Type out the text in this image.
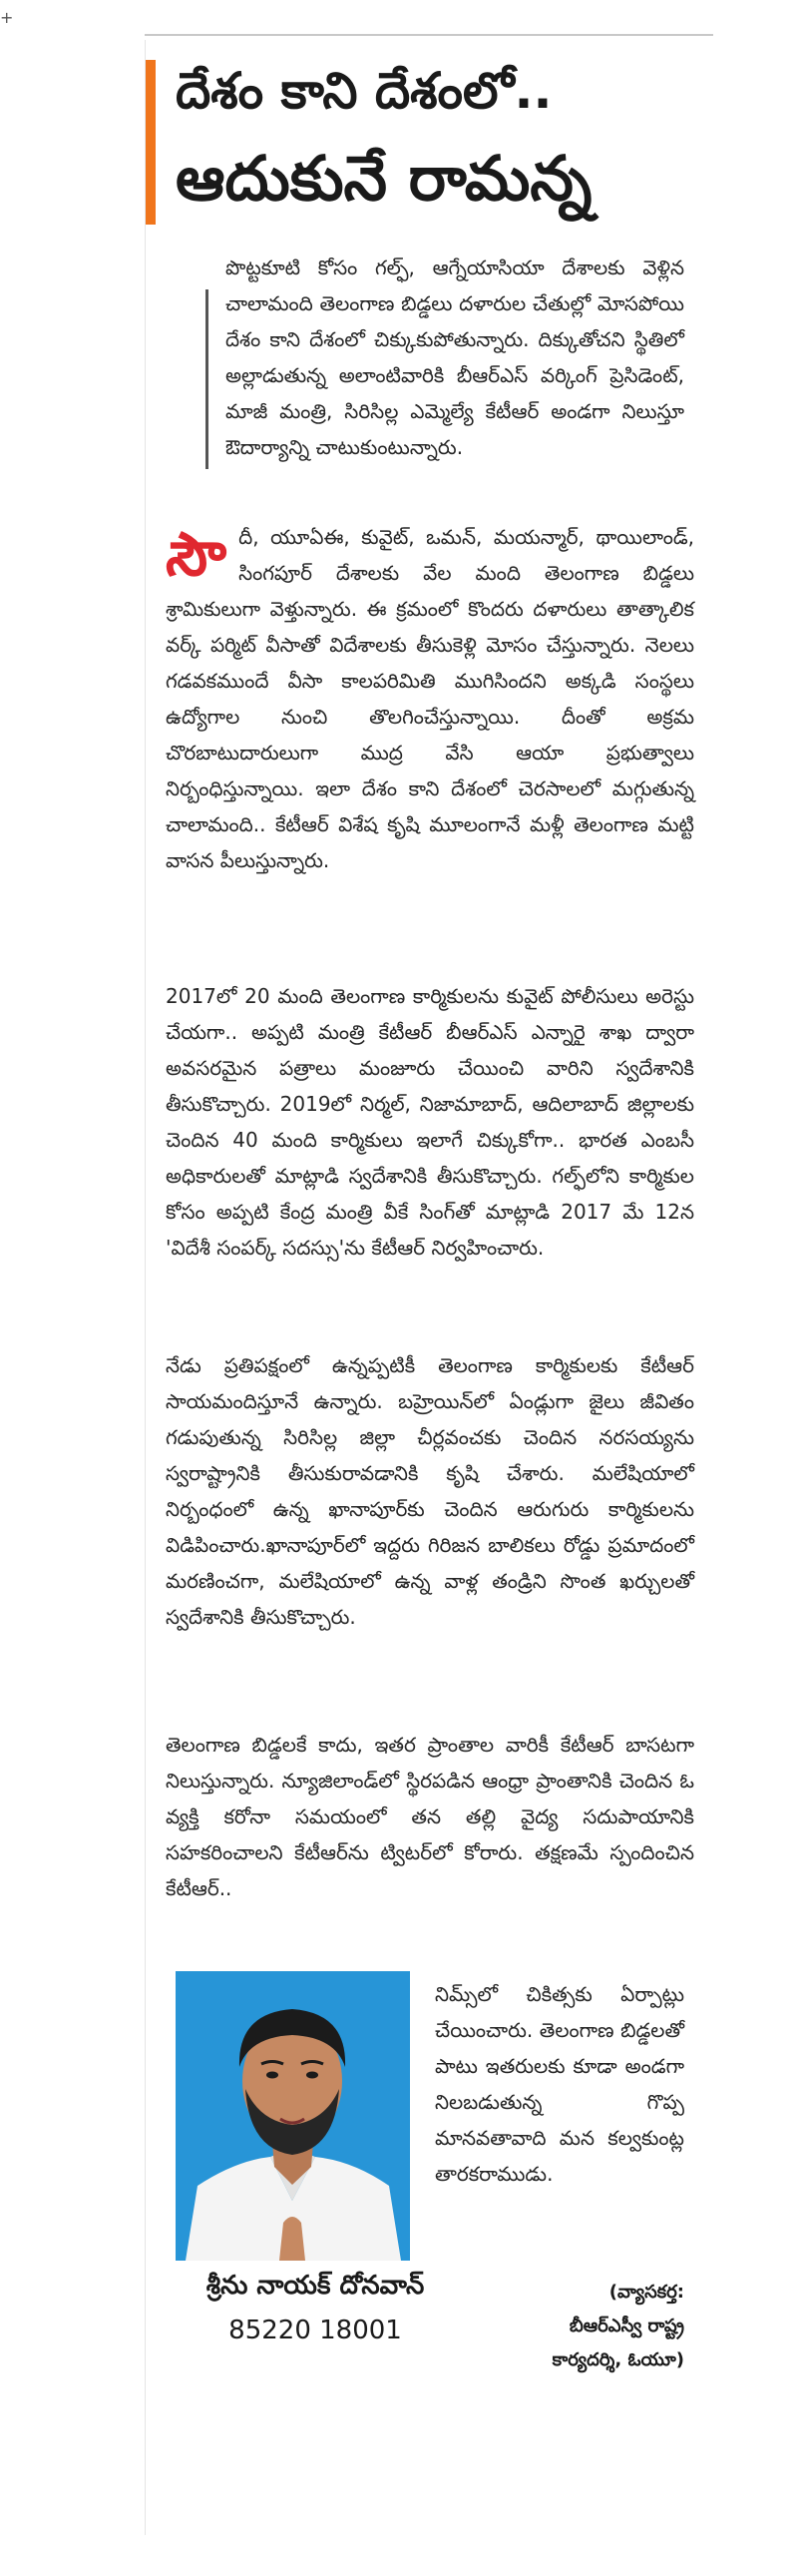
+
దేశం కాని దేశంలో..
ఆదుకునే రామన్న

పొట్టకూటి కోసం గల్ఫ్, ఆగ్నేయాసియా దేశాలకు వెళ్లిన చాలామంది తెలంగాణ బిడ్డలు దళారుల చేతుల్లో మోసపోయి దేశం కాని దేశంలో చిక్కుకుపోతున్నారు. దిక్కుతోచని స్థితిలో అల్లాడుతున్న అలాంటివారికి బీఆర్ఎస్ వర్కింగ్ ప్రెసిడెంట్, మాజీ మంత్రి, సిరిసిల్ల ఎమ్మెల్యే కేటీఆర్ అండగా నిలుస్తూ ఔదార్యాన్ని చాటుకుంటున్నారు.

సౌ దీ, యూఏఈ, కువైట్, ఒమన్, మయన్మార్, థాయిలాండ్, సింగపూర్ దేశాలకు వేల మంది తెలంగాణ బిడ్డలు శ్రామికులుగా వెళ్తున్నారు. ఈ క్రమంలో కొందరు దళారులు తాత్కాలిక వర్క్ పర్మిట్ వీసాతో విదేశాలకు తీసుకెళ్లి మోసం చేస్తున్నారు. నెలలు గడవకముందే వీసా కాలపరిమితి ముగిసిందని అక్కడి సంస్థలు ఉద్యోగాల నుంచి తొలగించేస్తున్నాయి. దీంతో అక్రమ చొరబాటుదారులుగా ముద్ర వేసి ఆయా ప్రభుత్వాలు నిర్బంధిస్తున్నాయి. ఇలా దేశం కాని దేశంలో చెరసాలలో మగ్గుతున్న చాలామంది.. కేటీఆర్ విశేష కృషి మూలంగానే మళ్లీ తెలంగాణ మట్టి వాసన పీలుస్తున్నారు.

2017లో 20 మంది తెలంగాణ కార్మికులను కువైట్ పోలీసులు అరెస్టు చేయగా.. అప్పటి మంత్రి కేటీఆర్ బీఆర్ఎస్ ఎన్నారై శాఖ ద్వారా అవసరమైన పత్రాలు మంజూరు చేయించి వారిని స్వదేశానికి తీసుకొచ్చారు. 2019లో నిర్మల్, నిజామాబాద్, ఆదిలాబాద్ జిల్లాలకు చెందిన 40 మంది కార్మికులు ఇలాగే చిక్కుకోగా.. భారత ఎంబసీ అధికారులతో మాట్లాడి స్వదేశానికి తీసుకొచ్చారు. గల్ఫ్‌లోని కార్మికుల కోసం అప్పటి కేంద్ర మంత్రి వీకే సింగ్‌తో మాట్లాడి 2017 మే 12న 'విదేశీ సంపర్క్ సదస్సు'ను కేటీఆర్ నిర్వహించారు.

నేడు ప్రతిపక్షంలో ఉన్నప్పటికీ తెలంగాణ కార్మికులకు కేటీఆర్ సాయమందిస్తూనే ఉన్నారు. బహ్రెయిన్‌లో ఏండ్లుగా జైలు జీవితం గడుపుతున్న సిరిసిల్ల జిల్లా చీర్లవంచకు చెందిన నరసయ్యను స్వరాష్ట్రానికి తీసుకురావడానికి కృషి చేశారు. మలేషియాలో నిర్బంధంలో ఉన్న ఖానాపూర్‌కు చెందిన ఆరుగురు కార్మికులను విడిపించారు.ఖానాపూర్‌లో ఇద్దరు గిరిజన బాలికలు రోడ్డు ప్రమాదంలో మరణించగా, మలేషియాలో ఉన్న వాళ్ల తండ్రిని సొంత ఖర్చులతో స్వదేశానికి తీసుకొచ్చారు.

తెలంగాణ బిడ్డలకే కాదు, ఇతర ప్రాంతాల వారికీ కేటీఆర్ బాసటగా నిలుస్తున్నారు. న్యూజిలాండ్‌లో స్థిరపడిన ఆంధ్రా ప్రాంతానికి చెందిన ఓ వ్యక్తి కరోనా సమయంలో తన తల్లి వైద్య సదుపాయానికి సహకరించాలని కేటీఆర్‌ను ట్విటర్‌లో కోరారు. తక్షణమే స్పందించిన కేటీఆర్..

నిమ్స్‌లో చికిత్సకు ఏర్పాట్లు చేయించారు. తెలంగాణ బిడ్డలతో పాటు ఇతరులకు కూడా అండగా నిలబడుతున్న గొప్ప మానవతావాది మన కల్వకుంట్ల తారకరాముడు.

శ్రీను నాయక్ దోనవాన్
85220 18001
(వ్యాసకర్త:
బీఆర్ఎస్వీ రాష్ట్ర
కార్యదర్శి, ఓయూ)
